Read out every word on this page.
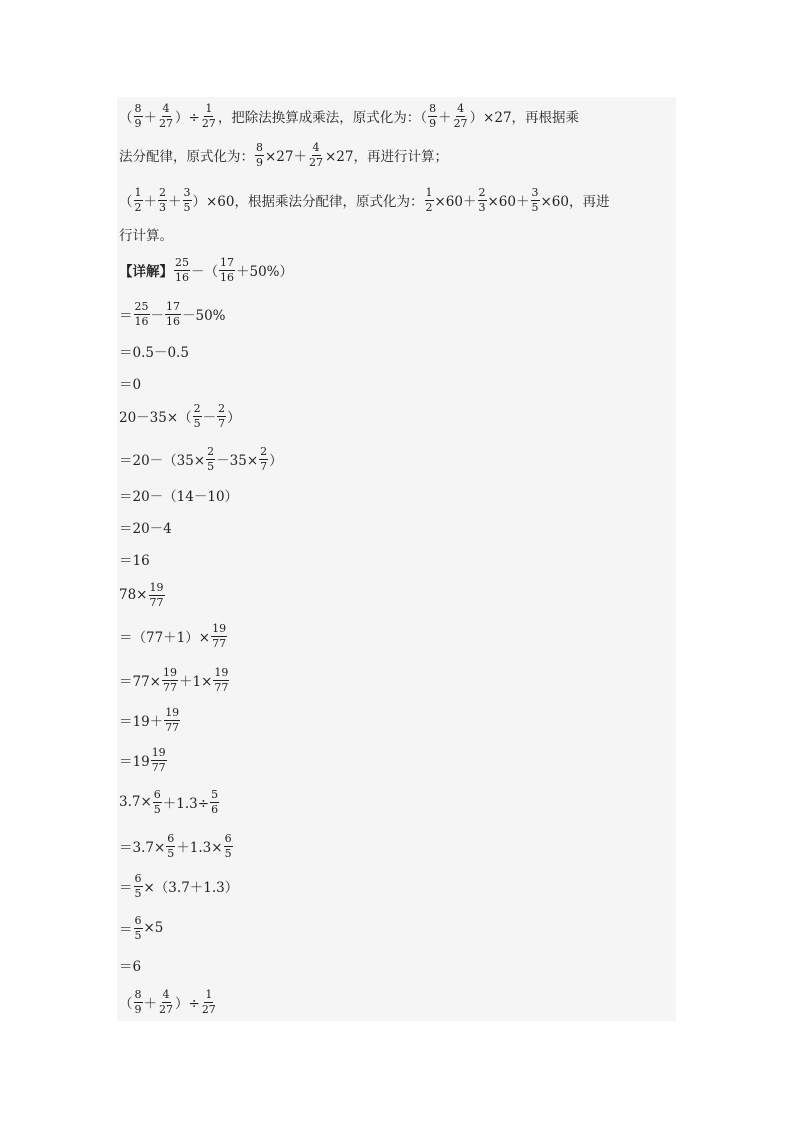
（ $\frac{8}{9} + \frac{4}{27}$ ）÷ $\frac{1}{27}$ ，把除法换算成乘法，原式化为：（ $\frac{8}{9} + \frac{4}{27} )\times 27$，再根据乘
法分配律，原式化为： $\frac{8}{9} \times 27+ \frac{4}{27} \times 27$，再进行计算；
（ $\frac{1}{2} + \frac{2}{3} + \frac{3}{5} )\times 60$，根据乘法分配律，原式化为： $\frac{1}{2} \times 60+ \frac{2}{3} \times 60+ \frac{3}{5} \times 60$，再进
行计算。
【详解】 $\frac{25}{16}$ －（ $\frac{17}{16} +50\%$）
＝ $\frac{25}{16} - \frac{17}{16} -50\%$
＝0.5－0.5
＝0
$20-35\times( \frac{2}{5} - \frac{2}{7}$ ）
$=20-(35\times \frac{2}{5} -35\times \frac{2}{7}$ ）
＝20－（14－10）
＝20－4
＝16
$78\times \frac{19}{77}$
$=(77+1)\times \frac{19}{77}$
$=77\times \frac{19}{77} +1\times \frac{19}{77}$
$=19+ \frac{19}{77}$
$=19 \frac{19}{77}$
$3.7\times \frac{6}{5} +1.3\div \frac{5}{6}$
$=3.7\times \frac{6}{5} +1.3\times \frac{6}{5}$
＝ $\frac{6}{5} \times(3.7+1.3)$
＝ $\frac{6}{5} \times 5$
＝6
（ $\frac{8}{9} + \frac{4}{27}$ ）÷ $\frac{1}{27}$
